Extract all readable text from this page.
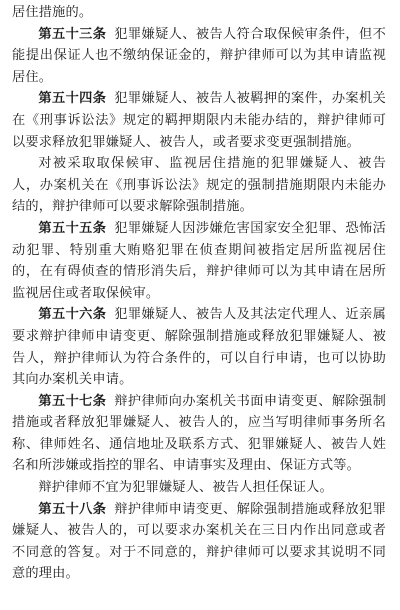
居住措施的。

第五十三条 犯罪嫌疑人、被告人符合取保候审条件，但不能提出保证人也不缴纳保证金的，辩护律师可以为其申请监视居住。

第五十四条 犯罪嫌疑人、被告人被羁押的案件，办案机关在《刑事诉讼法》规定的羁押期限内未能办结的，辩护律师可以要求释放犯罪嫌疑人、被告人，或者要求变更强制措施。

对被采取取保候审、监视居住措施的犯罪嫌疑人、被告人，办案机关在《刑事诉讼法》规定的强制措施期限内未能办结的，辩护律师可以要求解除强制措施。

第五十五条 犯罪嫌疑人因涉嫌危害国家安全犯罪、恐怖活动犯罪、特别重大贿赂犯罪在侦查期间被指定居所监视居住的，在有碍侦查的情形消失后，辩护律师可以为其申请在居所监视居住或者取保候审。

第五十六条 犯罪嫌疑人、被告人及其法定代理人、近亲属要求辩护律师申请变更、解除强制措施或释放犯罪嫌疑人、被告人，辩护律师认为符合条件的，可以自行申请，也可以协助其向办案机关申请。

第五十七条 辩护律师向办案机关书面申请变更、解除强制措施或者释放犯罪嫌疑人、被告人的，应当写明律师事务所名称、律师姓名、通信地址及联系方式、犯罪嫌疑人、被告人姓名和所涉嫌或指控的罪名、申请事实及理由、保证方式等。

辩护律师不宜为犯罪嫌疑人、被告人担任保证人。

第五十八条 辩护律师申请变更、解除强制措施或释放犯罪嫌疑人、被告人的，可以要求办案机关在三日内作出同意或者不同意的答复。对于不同意的，辩护律师可以要求其说明不同意的理由。
